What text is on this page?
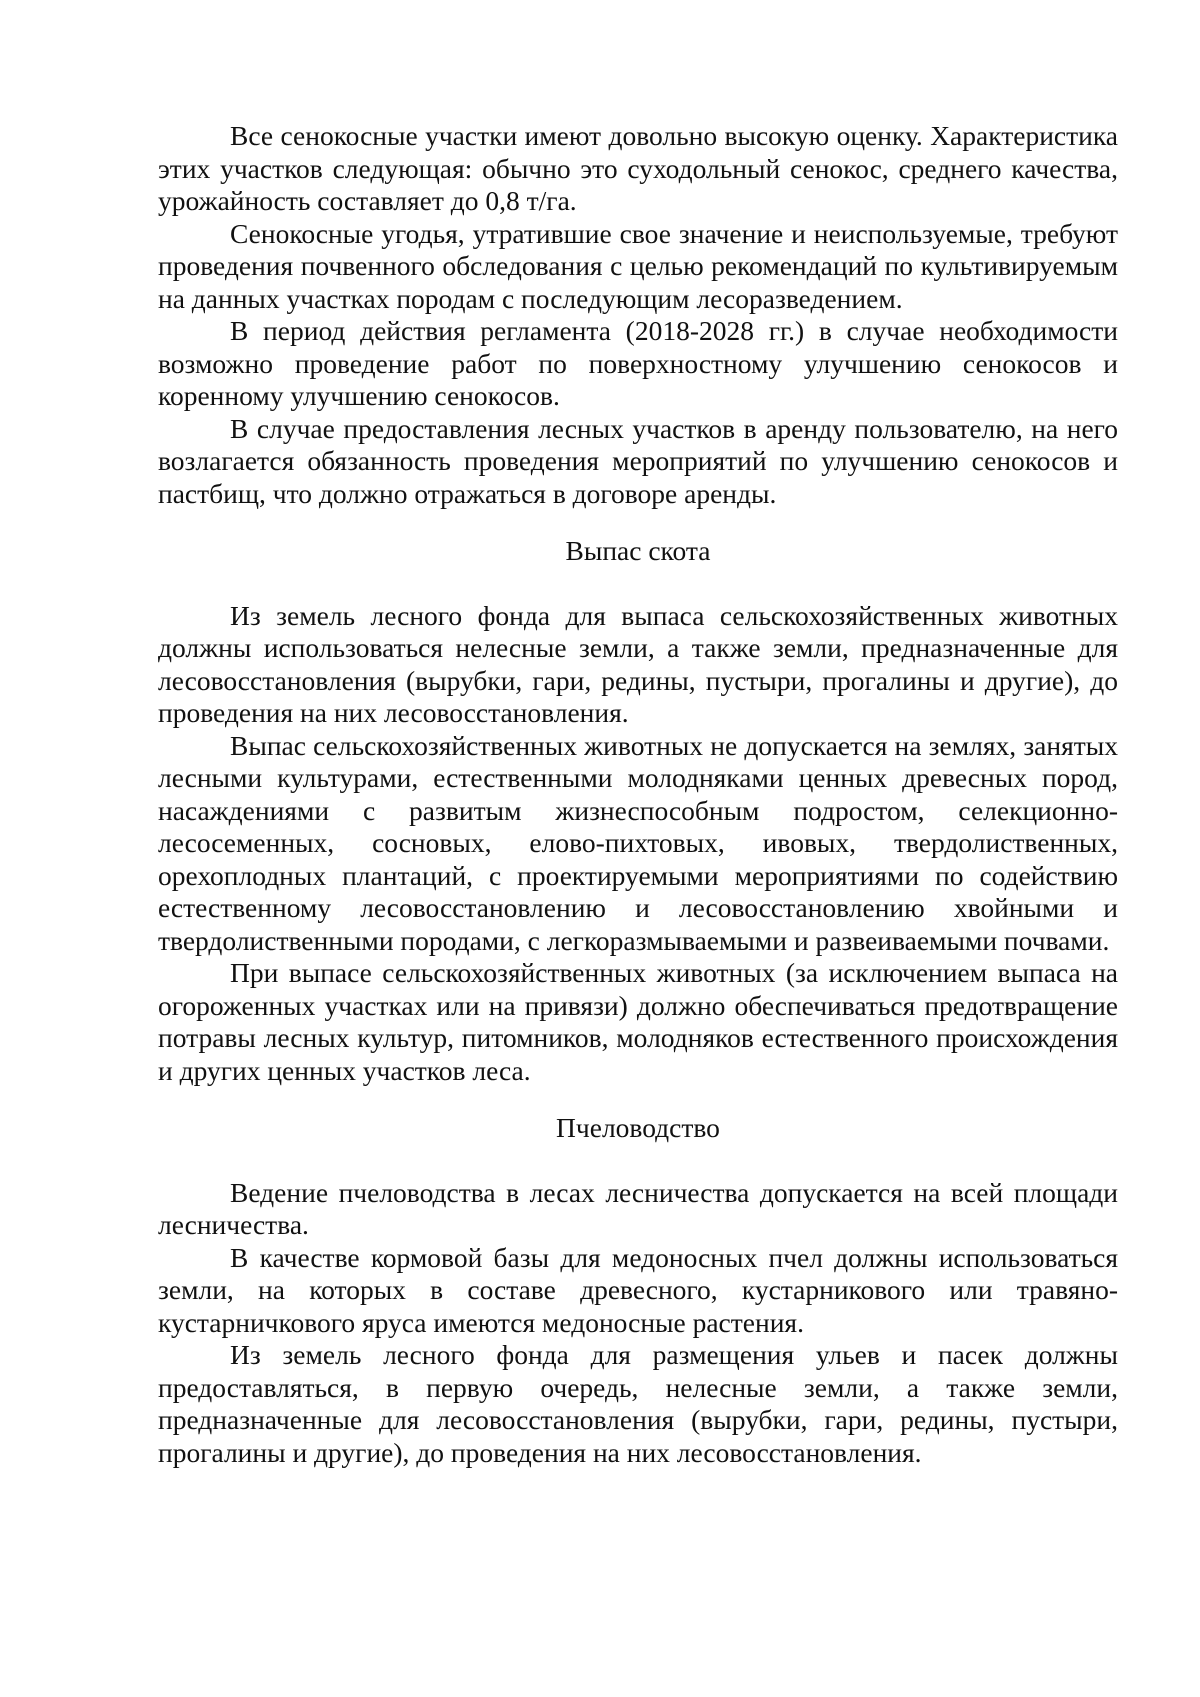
Все сенокосные участки имеют довольно высокую оценку. Характеристика этих участков следующая: обычно это суходольный сенокос, среднего качества, урожайность составляет до 0,8 т/га.

Сенокосные угодья, утратившие свое значение и неиспользуемые, требуют проведения почвенного обследования с целью рекомендаций по культивируемым на данных участках породам с последующим лесоразведением.

В период действия регламента (2018-2028 гг.) в случае необходимости возможно проведение работ по поверхностному улучшению сенокосов и коренному улучшению сенокосов.

В случае предоставления лесных участков в аренду пользователю, на него возлагается обязанность проведения мероприятий по улучшению сенокосов и пастбищ, что должно отражаться в договоре аренды.

Выпас скота

Из земель лесного фонда для выпаса сельскохозяйственных животных должны использоваться нелесные земли, а также земли, предназначенные для лесовосстановления (вырубки, гари, редины, пустыри, прогалины и другие), до проведения на них лесовосстановления.

Выпас сельскохозяйственных животных не допускается на землях, занятых лесными культурами, естественными молодняками ценных древесных пород, насаждениями с развитым жизнеспособным подростом, селекционно-лесосеменных, сосновых, елово-пихтовых, ивовых, твердолиственных, орехоплодных плантаций, с проектируемыми мероприятиями по содействию естественному лесовосстановлению и лесовосстановлению хвойными и твердолиственными породами, с легкоразмываемыми и развеиваемыми почвами.

При выпасе сельскохозяйственных животных (за исключением выпаса на огороженных участках или на привязи) должно обеспечиваться предотвращение потравы лесных культур, питомников, молодняков естественного происхождения и других ценных участков леса.

Пчеловодство

Ведение пчеловодства в лесах лесничества допускается на всей площади лесничества.

В качестве кормовой базы для медоносных пчел должны использоваться земли, на которых в составе древесного, кустарникового или травяно-кустарничкового яруса имеются медоносные растения.

Из земель лесного фонда для размещения ульев и пасек должны предоставляться, в первую очередь, нелесные земли, а также земли, предназначенные для лесовосстановления (вырубки, гари, редины, пустыри, прогалины и другие), до проведения на них лесовосстановления.
